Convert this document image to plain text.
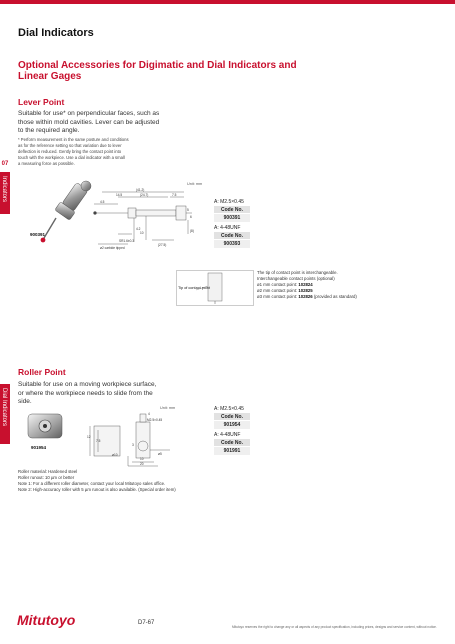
Dial Indicators
Optional Accessories for Digimatic and Dial Indicators and Linear Gages
07
Indicators
Dial Indicators
Lever Point
Suitable for use* on perpendicular faces, such as
those within mold cavities. Lever can be adjusted
to the required angle.
* Perform measurement in the same posture and conditions
as for the reference setting so that variation due to lever
deflection is reduced. Gently bring the contact point into
touch with the workpiece. Use a dial indicator with a small
a measuring force as possible.
900391
Unit: mm
(41.2)
(24.7)
14.5	7.5
4.5
6
4.2
10
(27.5)
(8)
SR1.6±0.3
ø2 carbide tipped
5
A: M2.5×0.45
Code No.
900391
A: 4-48UNF
Code No.
900393
Tip of contact point
The tip of contact point is interchangeable.
Interchangeable contact points (optional)
ø1 mm contact point: 102824
ø2 mm contact point: 102825
ø3 mm contact point: 102826 (provided as standard)
Roller Point
Suitable for use on a moving workpiece surface,
or where the workpiece needs to slide from the
side.
901954
Unit: mm
12
7.5
4
M2.5×0.45
ø10
3
ø5
10
20
A: M2.5×0.45
Code No.
901954
A: 4-48UNF
Code No.
901991
Roller material: Hardened steel
Roller runout: 10 µm or better
Note 1: For a different roller diameter, contact your local Mitutoyo sales office.
Note 2: High-accuracy roller with 5 µm runout is also available. (Special order item)
Mitutoyo	D7-67
Mitutoyo reserves the right to change any or all aspects of any product specification, including prices, designs and service content, without notice.
